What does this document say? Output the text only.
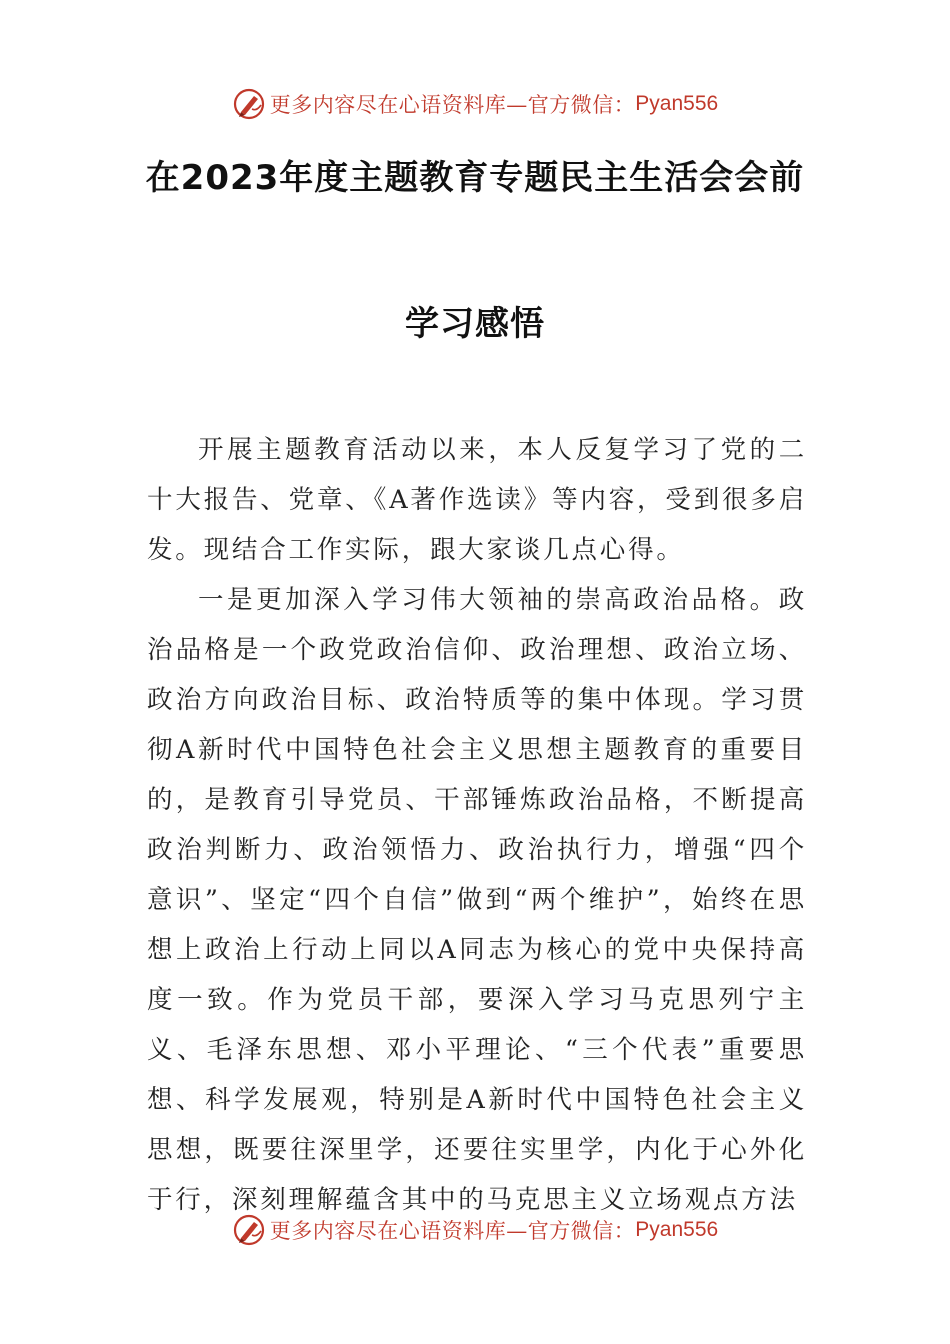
更多内容尽在心语资料库—官方微信： Pyan556
在2023年度主题教育专题民主生活会会前
学习感悟

开展主题教育活动以来，本人反复学习了党的二十大报告、党章、《A著作选读》等内容，受到很多启发。现结合工作实际，跟大家谈几点心得。

一是更加深入学习伟大领袖的崇高政治品格。政治品格是一个政党政治信仰、政治理想、政治立场、政治方向政治目标、政治特质等的集中体现。学习贯彻A新时代中国特色社会主义思想主题教育的重要目的，是教育引导党员、干部锤炼政治品格，不断提高政治判断力、政治领悟力、政治执行力，增强“四个意识”、坚定“四个自信”做到“两个维护”，始终在思想上政治上行动上同以A同志为核心的党中央保持高度一致。作为党员干部，要深入学习马克思列宁主义、毛泽东思想、邓小平理论、“三个代表”重要思想、科学发展观，特别是A新时代中国特色社会主义思想，既要往深里学，还要往实里学，内化于心外化于行，深刻理解蕴含其中的马克思主义立场观点方法

更多内容尽在心语资料库—官方微信： Pyan556
